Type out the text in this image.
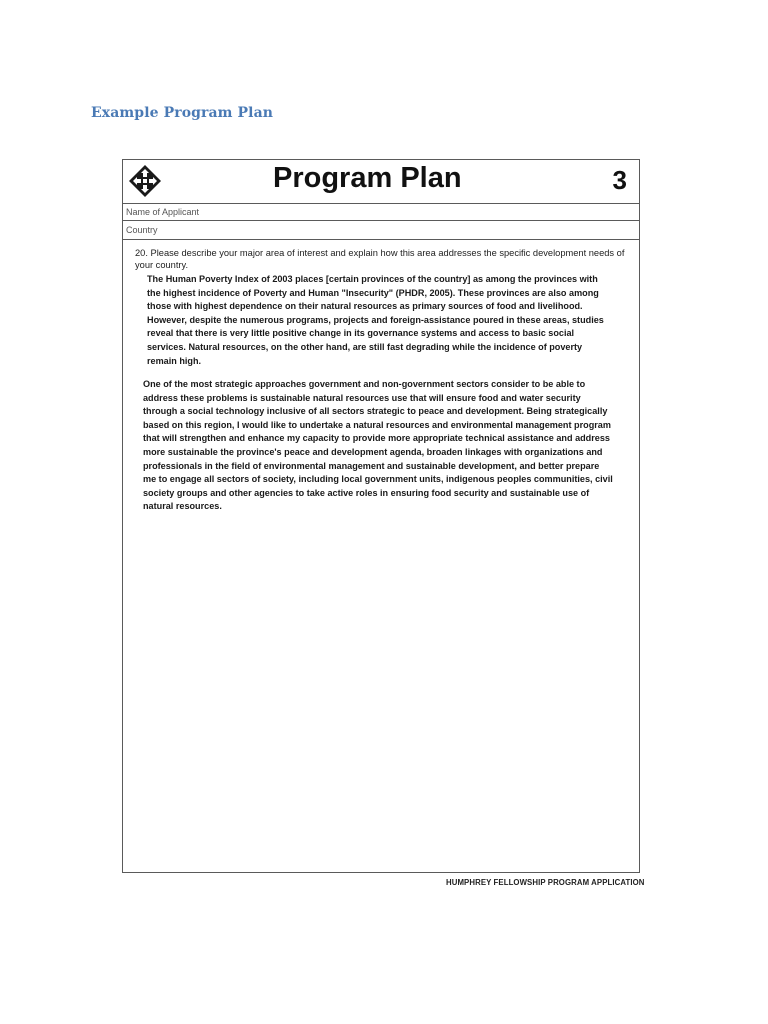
Example Program Plan
Program Plan	3
Name of Applicant
Country
20. Please describe your major area of interest and explain how this area addresses the specific development needs of your country.
The Human Poverty Index of 2003 places [certain provinces of the country] as among the provinces with the highest incidence of Poverty and Human "Insecurity" (PHDR, 2005). These provinces are also among those with highest dependence on their natural resources as primary sources of food and livelihood. However, despite the numerous programs, projects and foreign-assistance poured in these areas, studies reveal that there is very little positive change in its governance systems and access to basic social services. Natural resources, on the other hand, are still fast degrading while the incidence of poverty remain high.
One of the most strategic approaches government and non-government sectors consider to be able to address these problems is sustainable natural resources use that will ensure food and water security through a social technology inclusive of all sectors strategic to peace and development. Being strategically based on this region, I would like to undertake a natural resources and environmental management program that will strengthen and enhance my capacity to provide more appropriate technical assistance and address more sustainable the province's peace and development agenda, broaden linkages with organizations and professionals in the field of environmental management and sustainable development, and better prepare me to engage all sectors of society, including local government units, indigenous peoples communities, civil society groups and other agencies to take active roles in ensuring food security and sustainable use of natural resources.
HUMPHREY FELLOWSHIP PROGRAM APPLICATION
